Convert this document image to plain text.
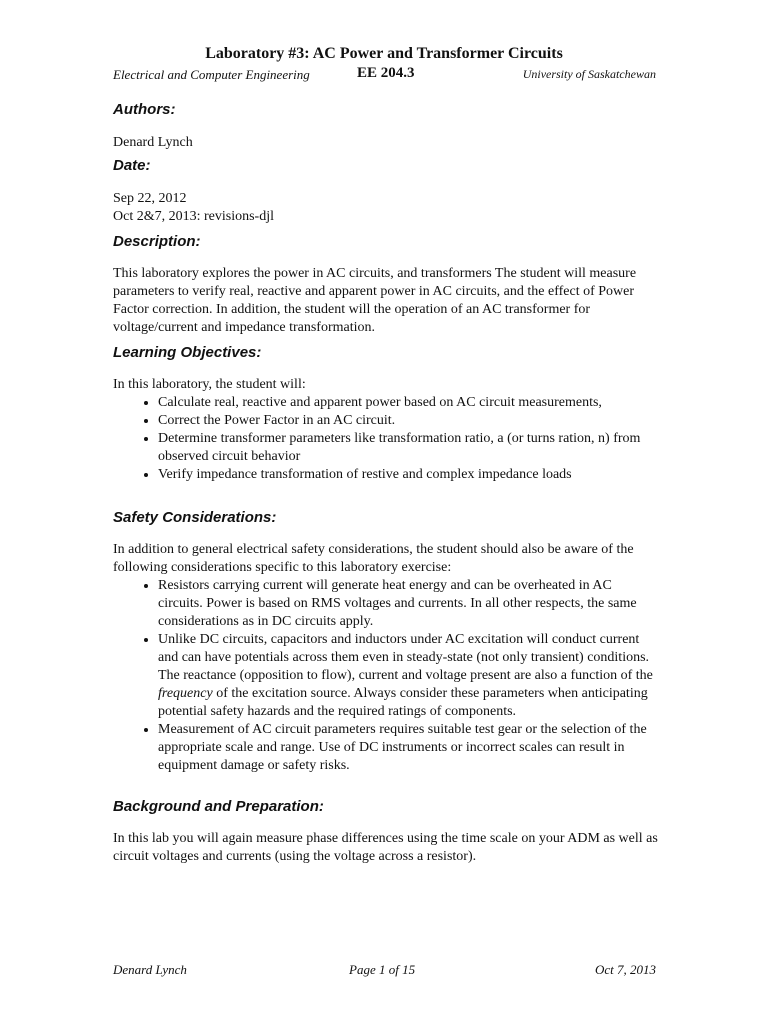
Laboratory #3: AC Power and Transformer Circuits
Electrical and Computer Engineering	EE 204.3	University of Saskatchewan
Authors:

Denard Lynch

Date:

Sep 22, 2012

Oct 2&7, 2013: revisions-djl

Description:

This laboratory explores the power in AC circuits, and transformers The student will measure parameters to verify real, reactive and apparent power in AC circuits, and the effect of Power Factor correction. In addition, the student will the operation of an AC transformer for voltage/current and impedance transformation.

Learning Objectives:

In this laboratory, the student will:

• Calculate real, reactive and apparent power based on AC circuit measurements,
• Correct the Power Factor in an AC circuit.
• Determine transformer parameters like transformation ratio, a (or turns ration, n) from observed circuit behavior
• Verify impedance transformation of restive and complex impedance loads
Safety Considerations:

In addition to general electrical safety considerations, the student should also be aware of the following considerations specific to this laboratory exercise:

• Resistors carrying current will generate heat energy and can be overheated in AC circuits. Power is based on RMS voltages and currents. In all other respects, the same considerations as in DC circuits apply.
• Unlike DC circuits, capacitors and inductors under AC excitation will conduct current and can have potentials across them even in steady-state (not only transient) conditions. The reactance (opposition to flow), current and voltage present are also a function of the frequency of the excitation source. Always consider these parameters when anticipating potential safety hazards and the required ratings of components.
• Measurement of AC circuit parameters requires suitable test gear or the selection of the appropriate scale and range. Use of DC instruments or incorrect scales can result in equipment damage or safety risks.
Background and Preparation:

In this lab you will again measure phase differences using the time scale on your ADM as well as circuit voltages and currents (using the voltage across a resistor).

Denard Lynch	Page 1 of 15	Oct 7, 2013
